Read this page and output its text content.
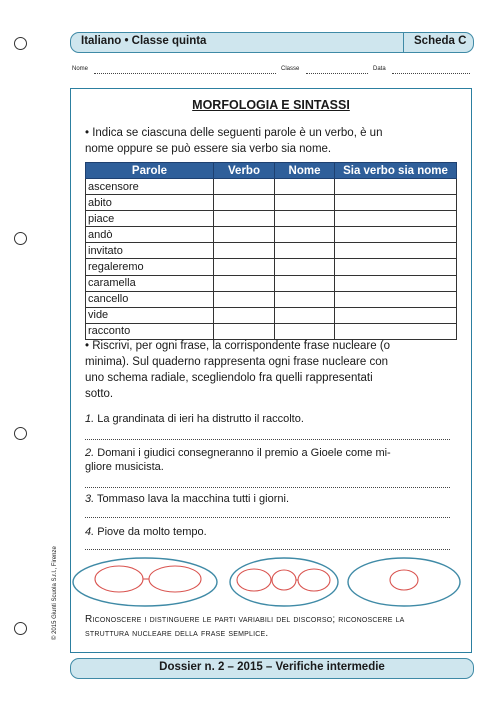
Italiano • Classe quinta	Scheda C
Nome	Classe	Data
MORFOLOGIA E SINTASSI
• Indica se ciascuna delle seguenti parole è un verbo, è un
nome oppure se può essere sia verbo sia nome.
Parole	Verbo	Nome	Sia verbo sia nome
ascensore			
abito			
piace			
andò			
invitato			
regaleremo			
caramella			
cancello			
vide			
racconto			
• Riscrivi, per ogni frase, la corrispondente frase nucleare (o
minima). Sul quaderno rappresenta ogni frase nucleare con
uno schema radiale, scegliendolo fra quelli rappresentati
sotto.
1. La grandinata di ieri ha distrutto il raccolto.
2. Domani i giudici consegneranno il premio a Gioele come mi-
gliore musicista.
3. Tommaso lava la macchina tutti i giorni.
4. Piove da molto tempo.
Riconoscere i distinguere le parti variabili del discorso; riconoscere la
struttura nucleare della frase semplice.
© 2015 Giunti Scuola S.r.l., Firenze
Dossier n. 2 – 2015 – Verifiche intermedie
